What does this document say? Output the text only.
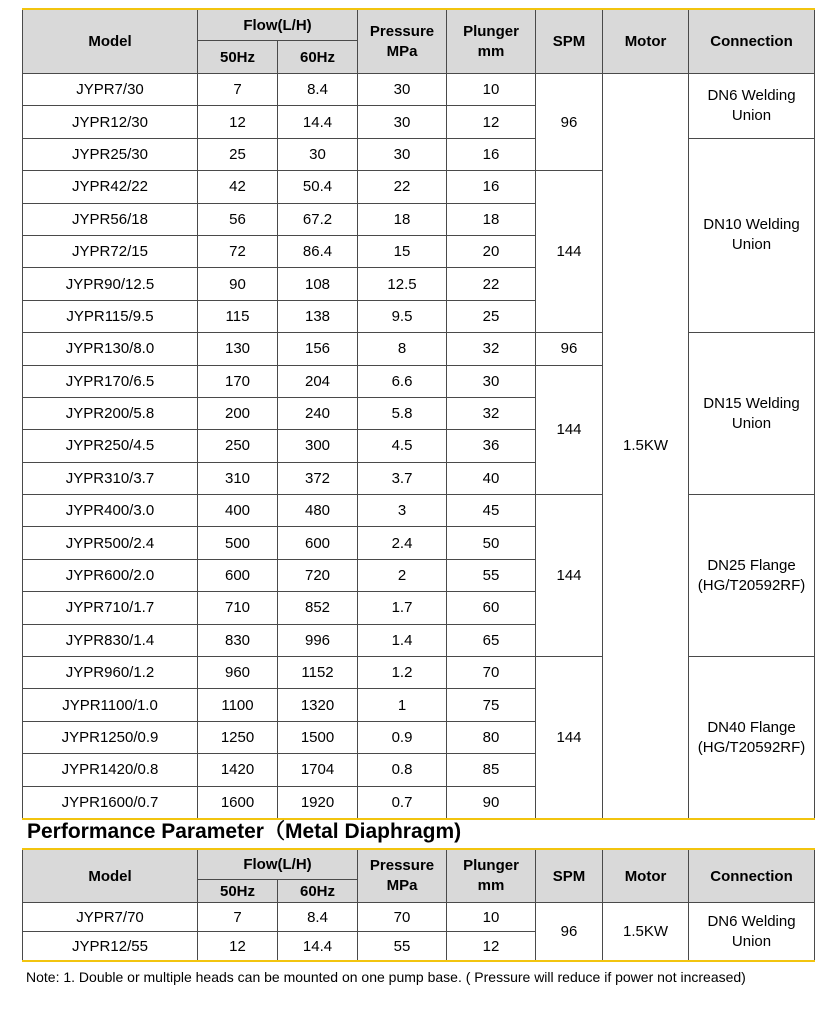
Model	Flow(L/H)		Pressure
MPa	Plunger
mm	SPM	Motor	Connection
	50Hz	60Hz					
JYPR7/30	7	8.4	30	10	96	1.5KW	DN6 Welding
Union
JYPR12/30	12	14.4	30	12			
JYPR25/30	25	30	30	16			DN10 Welding
Union
JYPR42/22	42	50.4	22	16	144		
JYPR56/18	56	67.2	18	18			
JYPR72/15	72	86.4	15	20			
JYPR90/12.5	90	108	12.5	22			
JYPR115/9.5	115	138	9.5	25			
JYPR130/8.0	130	156	8	32	96		DN15 Welding
Union
JYPR170/6.5	170	204	6.6	30	144		
JYPR200/5.8	200	240	5.8	32			
JYPR250/4.5	250	300	4.5	36			
JYPR310/3.7	310	372	3.7	40			
JYPR400/3.0	400	480	3	45	144		DN25 Flange
(HG/T20592RF)
JYPR500/2.4	500	600	2.4	50			
JYPR600/2.0	600	720	2	55			
JYPR710/1.7	710	852	1.7	60			
JYPR830/1.4	830	996	1.4	65			
JYPR960/1.2	960	1152	1.2	70	144		DN40 Flange
(HG/T20592RF)
JYPR1100/1.0	1100	1320	1	75			
JYPR1250/0.9	1250	1500	0.9	80			
JYPR1420/0.8	1420	1704	0.8	85			
JYPR1600/0.7	1600	1920	0.7	90			
Performance Parameter（Metal Diaphragm)
Model	Flow(L/H)		Pressure
MPa	Plunger
mm	SPM	Motor	Connection
	50Hz	60Hz					
JYPR7/70	7	8.4	70	10	96	1.5KW	DN6 Welding
Union
JYPR12/55	12	14.4	55	12			

Note: 1. Double or multiple heads can be mounted on one pump base. ( Pressure will reduce if power not increased)
